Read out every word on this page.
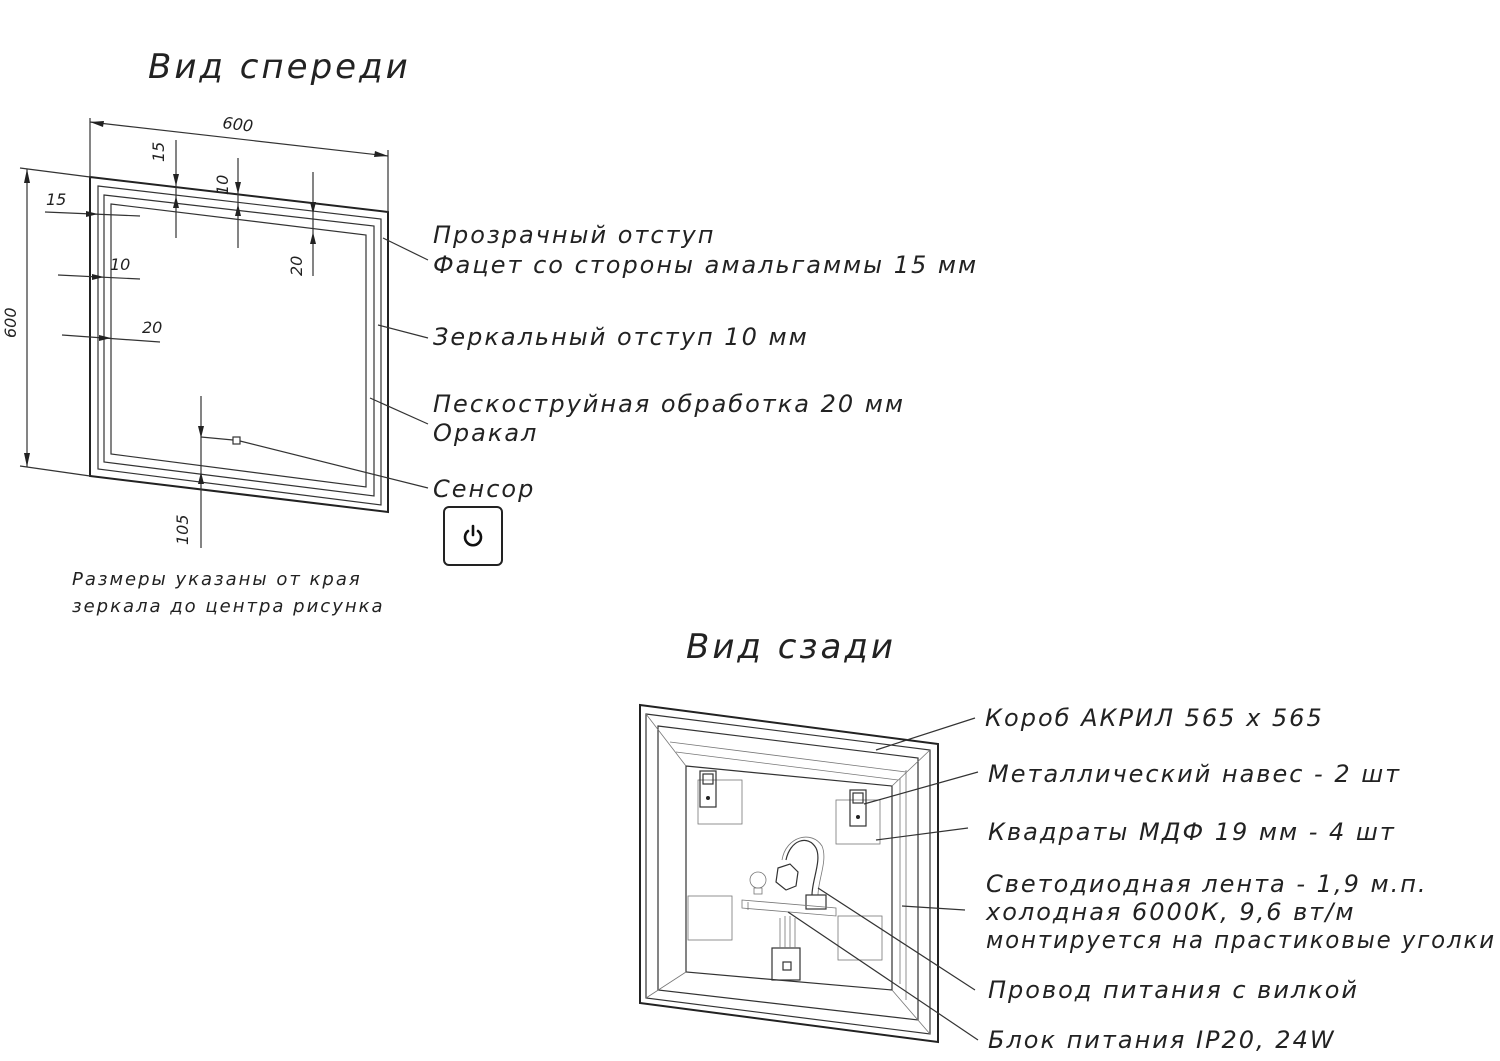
Вид спереди
600
600
15
10
20
15
10
20
105
Прозрачный отступ
Фацет со стороны амальгаммы 15 мм
Зеркальный отступ 10 мм
Пескоструйная обработка 20 мм
Оракал
Сенсор
Размеры указаны от края
зеркала до центра рисунка
Вид сзади
Короб АКРИЛ 565 х 565
Металлический навес - 2 шт
Квадраты МДФ 19 мм - 4 шт
Светодиодная лента - 1,9 м.п.
холодная 6000К, 9,6 вт/м
монтируется на прастиковые уголки
Провод питания с вилкой
Блок питания IP20, 24W
